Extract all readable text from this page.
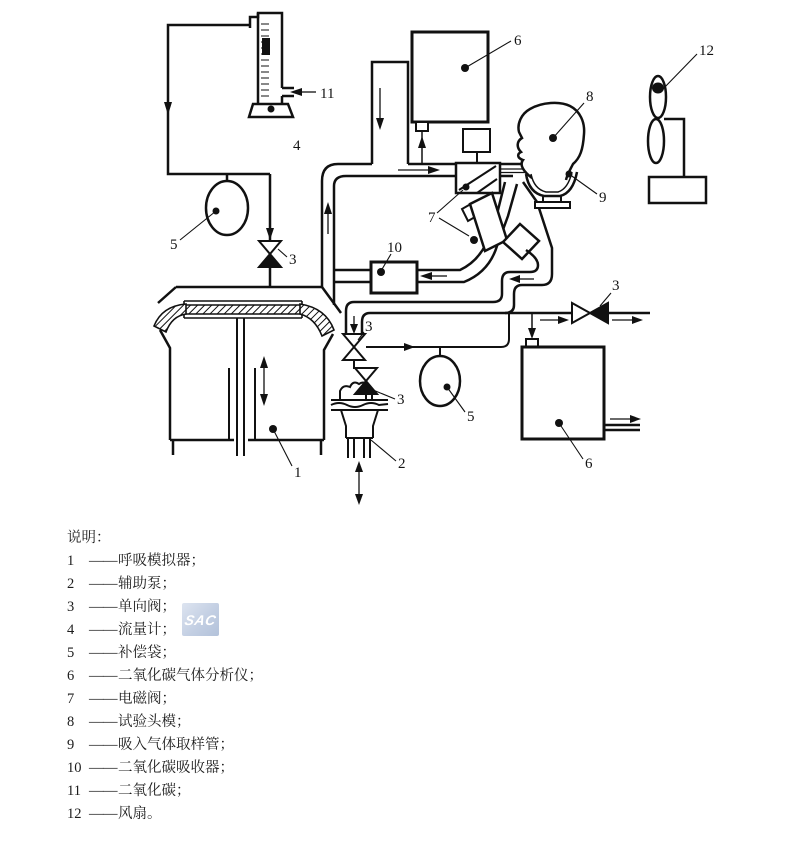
1
2
3
3
3
3
4
5
5
6
6
7
8
9
10
11
12
SAC
说明：
1	—— 呼吸模拟器；
2	—— 辅助泵；
3	—— 单向阀；
4	—— 流量计；
5	—— 补偿袋；
6	—— 二氧化碳气体分析仪；
7	—— 电磁阀；
8	—— 试验头模；
9	—— 吸入气体取样管；
10 —— 二氧化碳吸收器；
11 —— 二氧化碳；
12 —— 风扇。
